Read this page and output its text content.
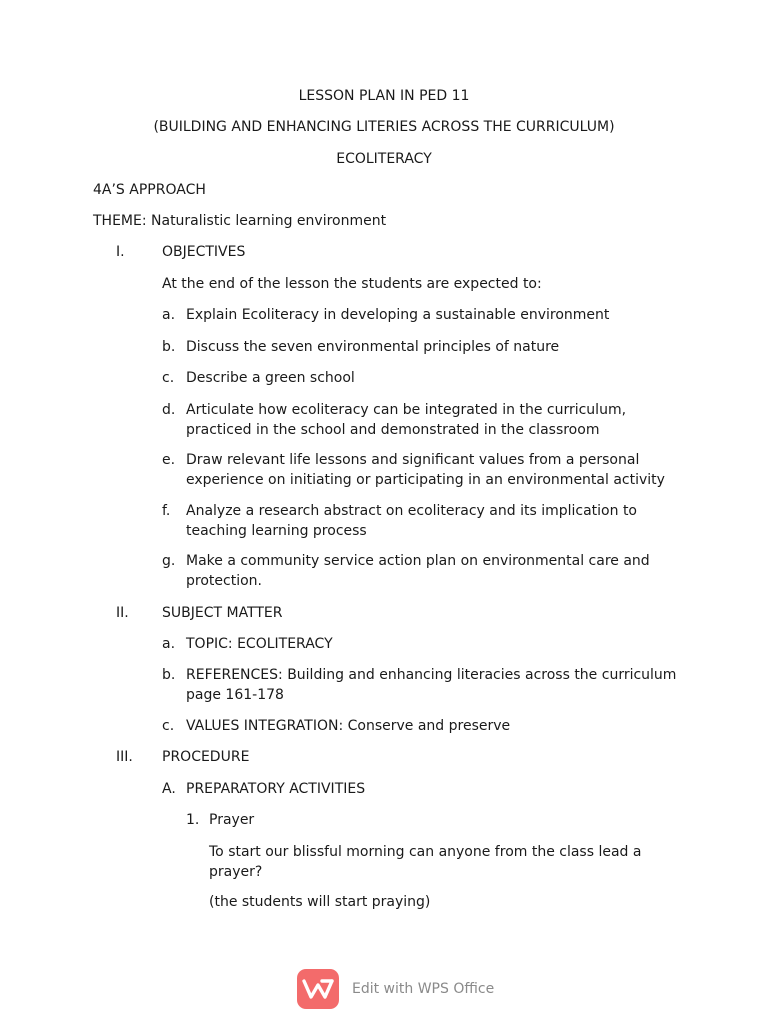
LESSON PLAN IN PED 11
(BUILDING AND ENHANCING LITERIES ACROSS THE CURRICULUM)
ECOLITERACY
4A’S APPROACH
THEME: Naturalistic learning environment
I.	OBJECTIVES
At the end of the lesson the students are expected to:
a. Explain Ecoliteracy in developing a sustainable environment
b. Discuss the seven environmental principles of nature
c. Describe a green school
d. Articulate how ecoliteracy can be integrated in the curriculum, practiced in the school and demonstrated in the classroom
e. Draw relevant life lessons and significant values from a personal experience on initiating or participating in an environmental activity
f. Analyze a research abstract on ecoliteracy and its implication to teaching learning process
g. Make a community service action plan on environmental care and protection.
II. SUBJECT MATTER
a. TOPIC: ECOLITERACY
b. REFERENCES: Building and enhancing literacies across the curriculum page 161-178
c. VALUES INTEGRATION: Conserve and preserve
III. PROCEDURE
A. PREPARATORY ACTIVITIES
1. Prayer
To start our blissful morning can anyone from the class lead a prayer?
(the students will start praying)
Edit with WPS Office
